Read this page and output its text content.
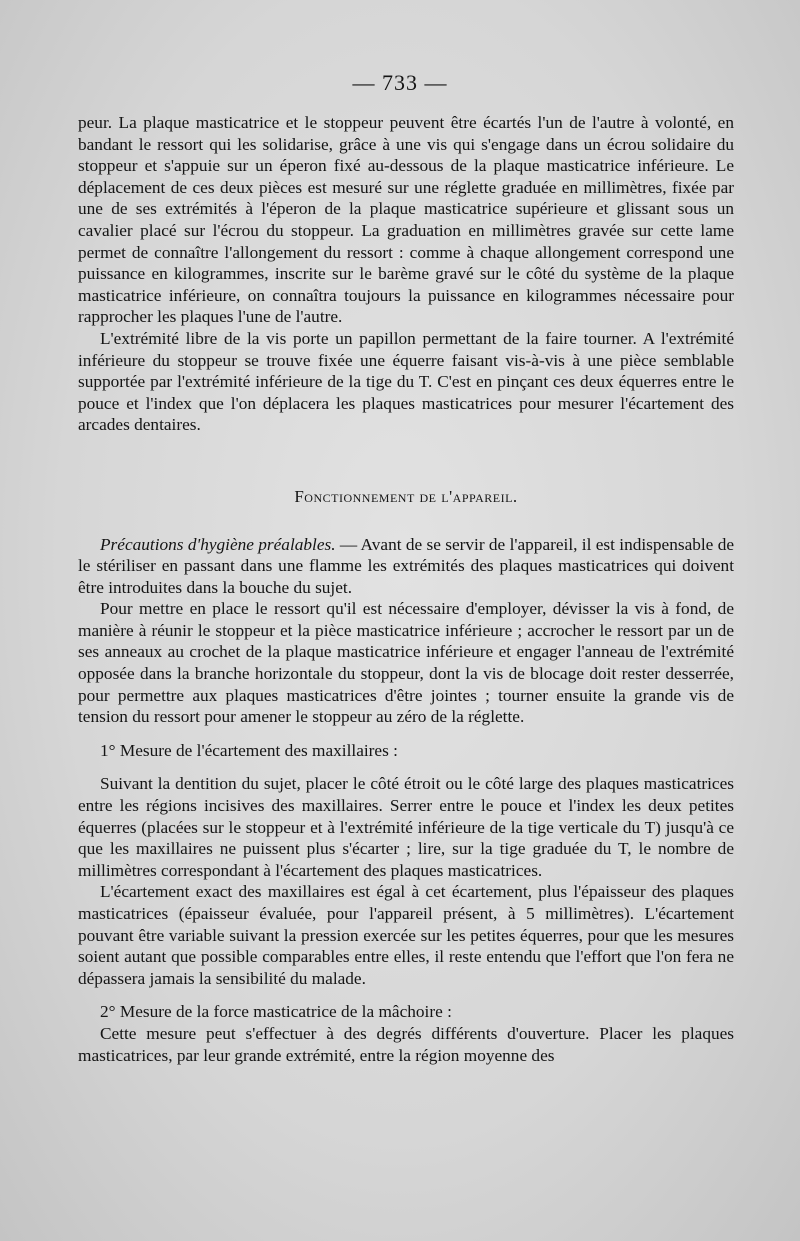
— 733 —

peur. La plaque masticatrice et le stoppeur peuvent être écartés l'un de l'autre à volonté, en bandant le ressort qui les solidarise, grâce à une vis qui s'engage dans un écrou solidaire du stoppeur et s'appuie sur un éperon fixé au-dessous de la plaque masticatrice inférieure. Le déplacement de ces deux pièces est mesuré sur une réglette graduée en millimètres, fixée par une de ses extrémités à l'éperon de la plaque masticatrice supérieure et glissant sous un cavalier placé sur l'écrou du stoppeur. La graduation en millimètres gravée sur cette lame permet de connaître l'allongement du ressort : comme à chaque allongement correspond une puissance en kilogrammes, inscrite sur le barème gravé sur le côté du système de la plaque masticatrice inférieure, on connaîtra toujours la puissance en kilogrammes nécessaire pour rapprocher les plaques l'une de l'autre.

L'extrémité libre de la vis porte un papillon permettant de la faire tourner. A l'extrémité inférieure du stoppeur se trouve fixée une équerre faisant vis-à-vis à une pièce semblable supportée par l'extrémité inférieure de la tige du T. C'est en pinçant ces deux équerres entre le pouce et l'index que l'on déplacera les plaques masticatrices pour mesurer l'écartement des arcades dentaires.

Fonctionnement de l'appareil.

Précautions d'hygiène préalables. — Avant de se servir de l'appareil, il est indispensable de le stériliser en passant dans une flamme les extrémités des plaques masticatrices qui doivent être introduites dans la bouche du sujet.

Pour mettre en place le ressort qu'il est nécessaire d'employer, dévisser la vis à fond, de manière à réunir le stoppeur et la pièce masticatrice inférieure ; accrocher le ressort par un de ses anneaux au crochet de la plaque masticatrice inférieure et engager l'anneau de l'extrémité opposée dans la branche horizontale du stoppeur, dont la vis de blocage doit rester desserrée, pour permettre aux plaques masticatrices d'être jointes ; tourner ensuite la grande vis de tension du ressort pour amener le stoppeur au zéro de la réglette.

1° Mesure de l'écartement des maxillaires :

Suivant la dentition du sujet, placer le côté étroit ou le côté large des plaques masticatrices entre les régions incisives des maxillaires. Serrer entre le pouce et l'index les deux petites équerres (placées sur le stoppeur et à l'extrémité inférieure de la tige verticale du T) jusqu'à ce que les maxillaires ne puissent plus s'écarter ; lire, sur la tige graduée du T, le nombre de millimètres correspondant à l'écartement des plaques masticatrices.

L'écartement exact des maxillaires est égal à cet écartement, plus l'épaisseur des plaques masticatrices (épaisseur évaluée, pour l'appareil présent, à 5 millimètres). L'écartement pouvant être variable suivant la pression exercée sur les petites équerres, pour que les mesures soient autant que possible comparables entre elles, il reste entendu que l'effort que l'on fera ne dépassera jamais la sensibilité du malade.

2° Mesure de la force masticatrice de la mâchoire :

Cette mesure peut s'effectuer à des degrés différents d'ouverture. Placer les plaques masticatrices, par leur grande extrémité, entre la région moyenne des
